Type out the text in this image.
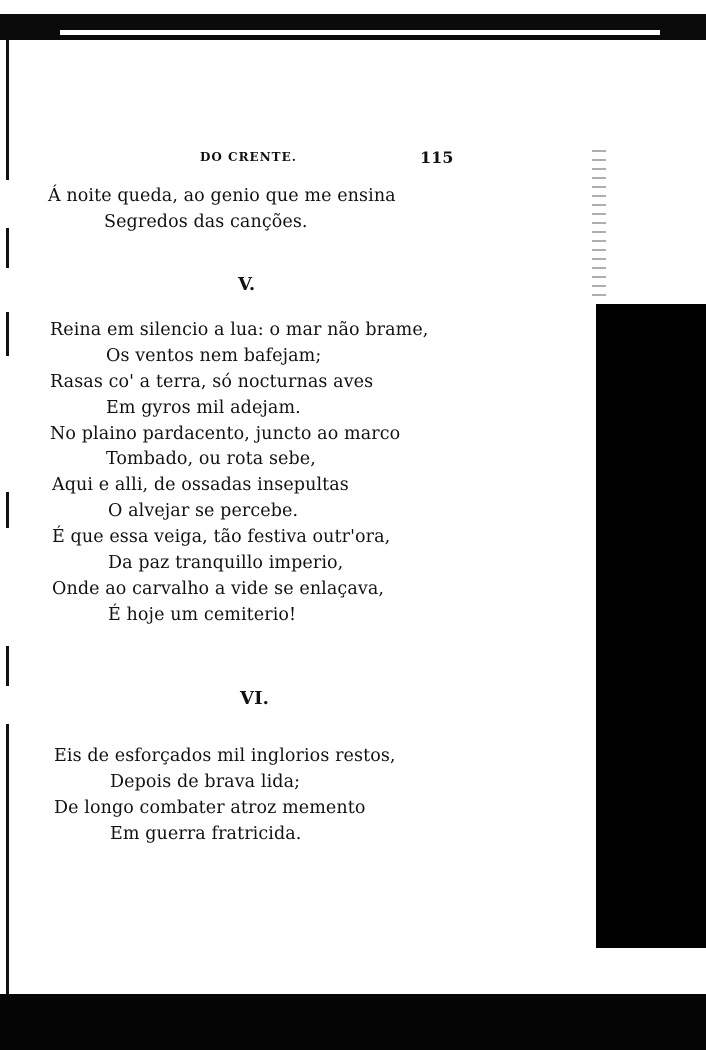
DO CRENTE.	115
Á noite queda, ao genio que me ensina
Segredos das canções.
V.
Reina em silencio a lua: o mar não brame,
Os ventos nem bafejam;
Rasas co' a terra, só nocturnas aves
Em gyros mil adejam.
No plaino pardacento, juncto ao marco
Tombado, ou rota sebe,
Aqui e alli, de ossadas insepultas
O alvejar se percebe.
É que essa veiga, tão festiva outr'ora,
Da paz tranquillo imperio,
Onde ao carvalho a vide se enlaçava,
É hoje um cemiterio!
VI.
Eis de esforçados mil inglorios restos,
Depois de brava lida;
De longo combater atroz memento
Em guerra fratricida.
